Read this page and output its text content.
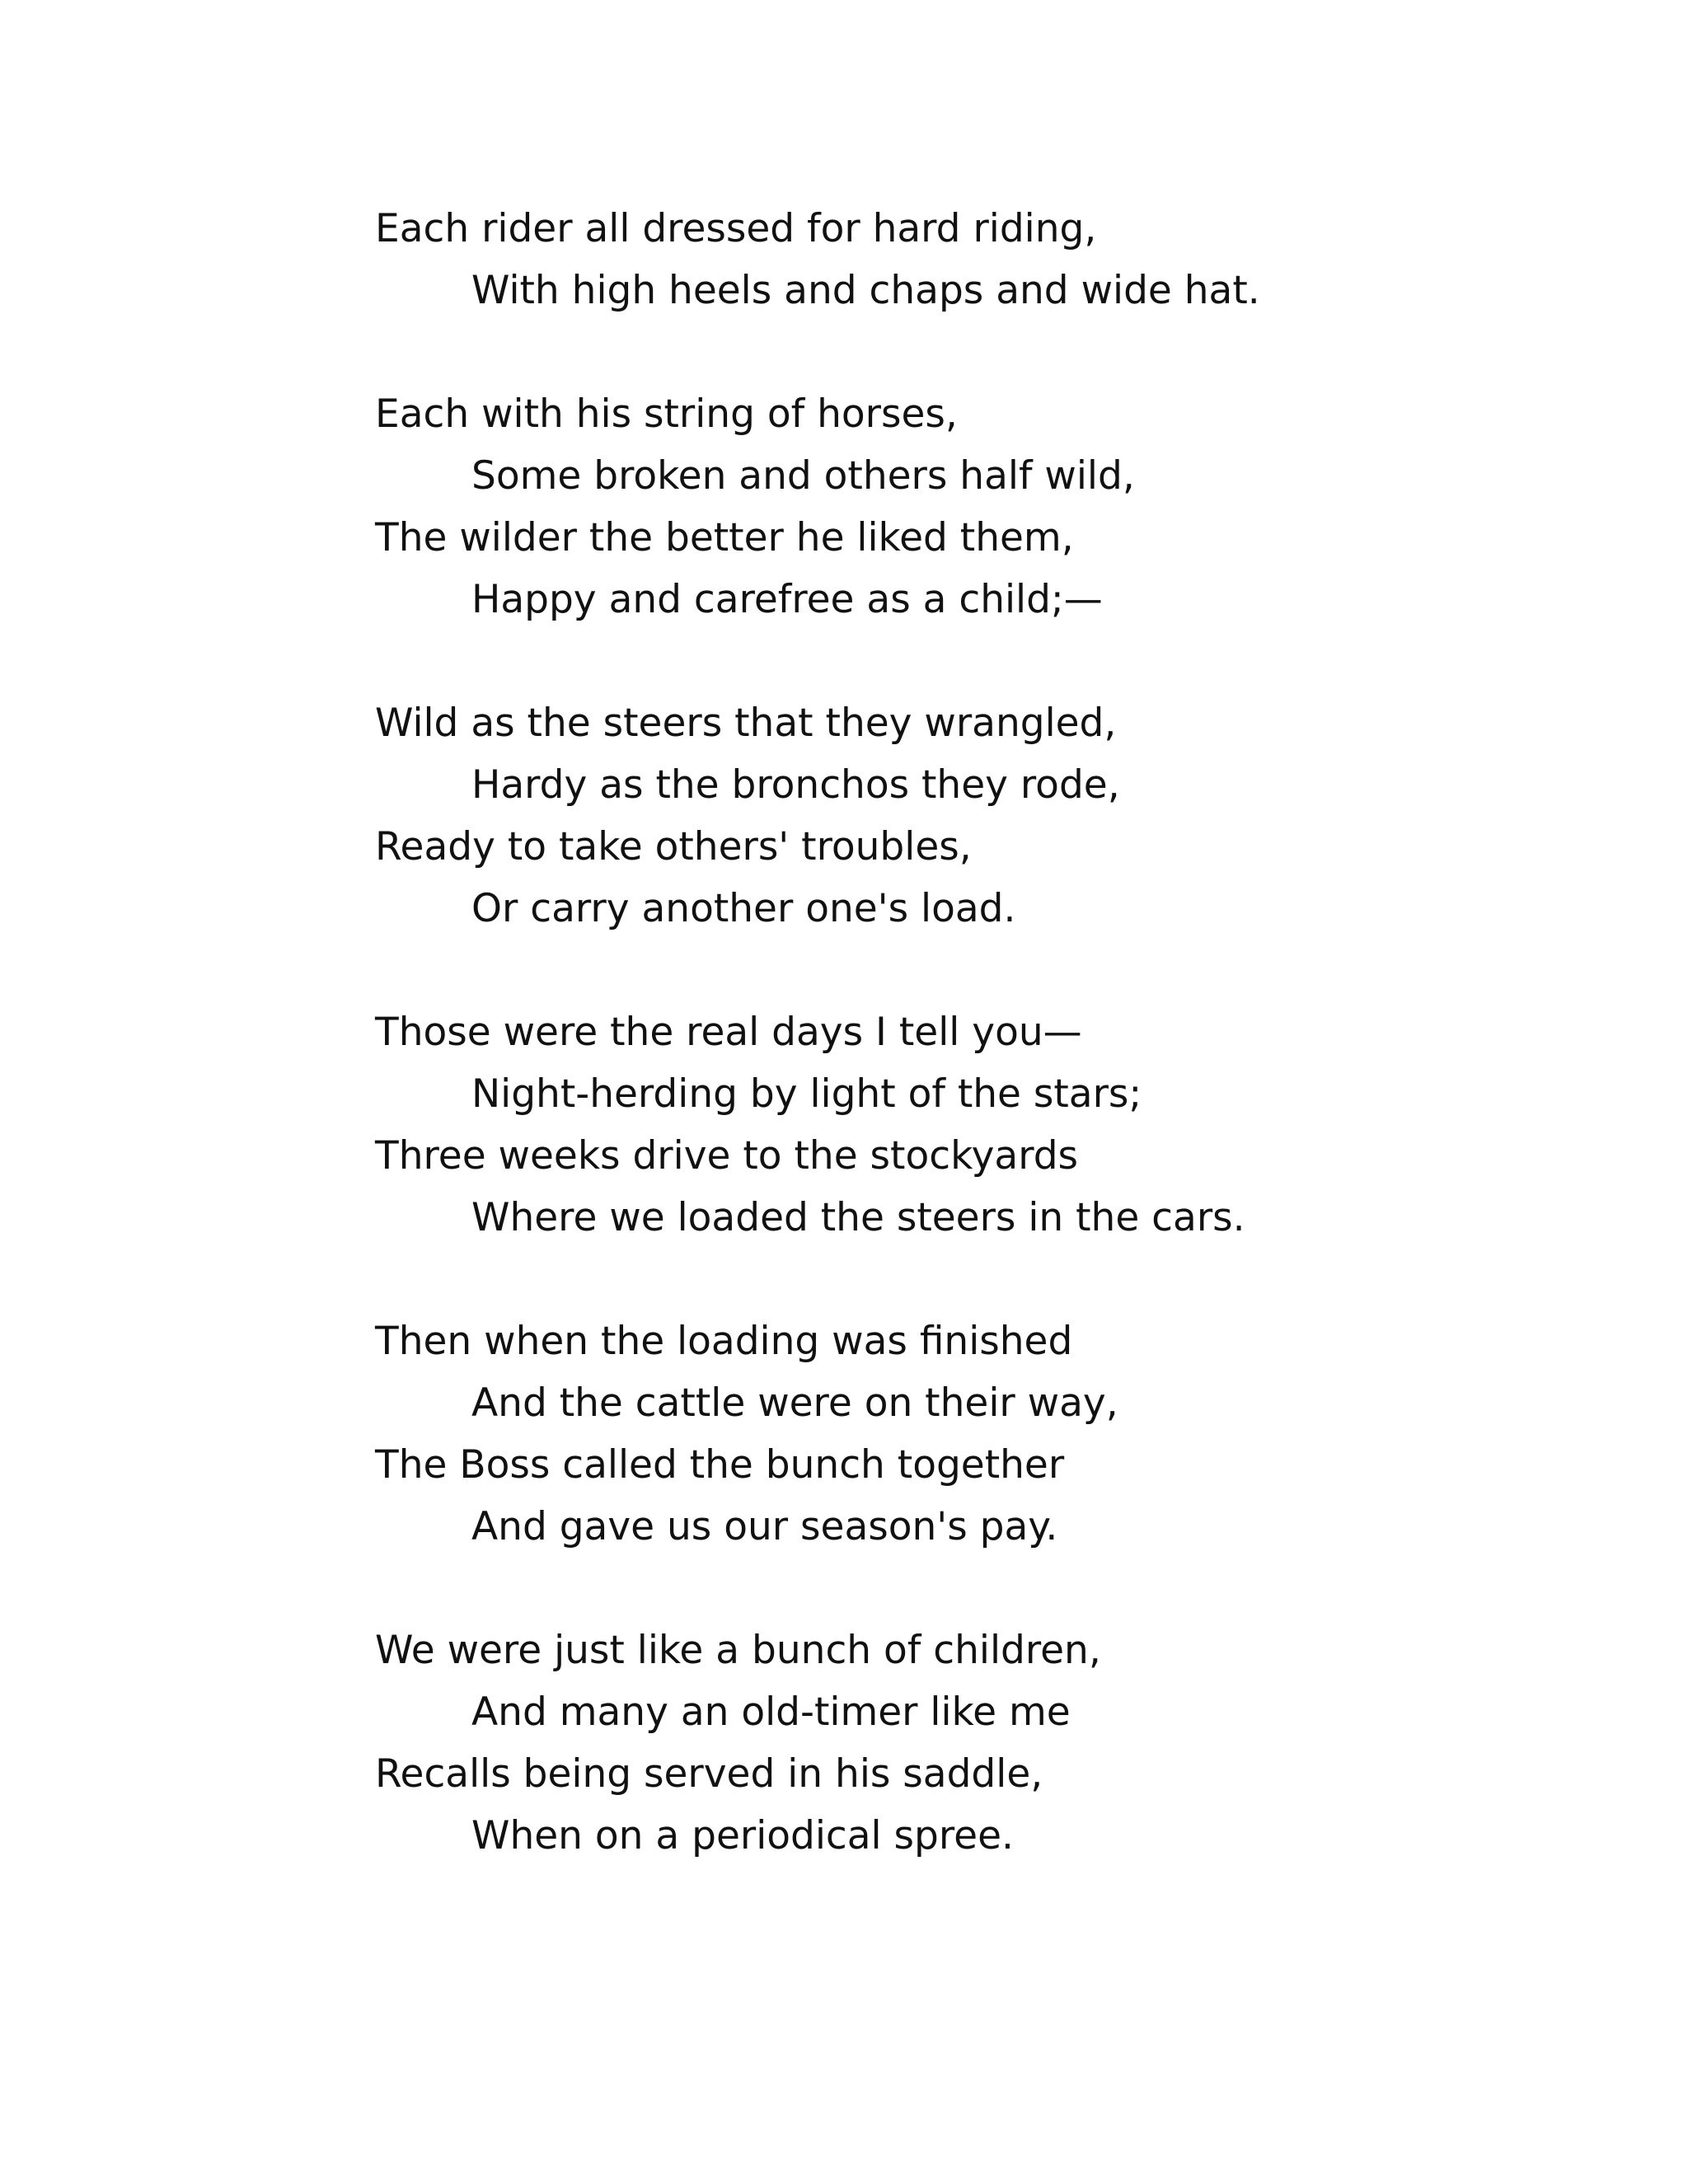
Each rider all dressed for hard riding,
With high heels and chaps and wide hat.
Each with his string of horses,
Some broken and others half wild,
The wilder the better he liked them,
Happy and carefree as a child;—
Wild as the steers that they wrangled,
Hardy as the bronchos they rode,
Ready to take others' troubles,
Or carry another one's load.
Those were the real days I tell you—
Night-herding by light of the stars;
Three weeks drive to the stockyards
Where we loaded the steers in the cars.
Then when the loading was finished
And the cattle were on their way,
The Boss called the bunch together
And gave us our season's pay.
We were just like a bunch of children,
And many an old-timer like me
Recalls being served in his saddle,
When on a periodical spree.
